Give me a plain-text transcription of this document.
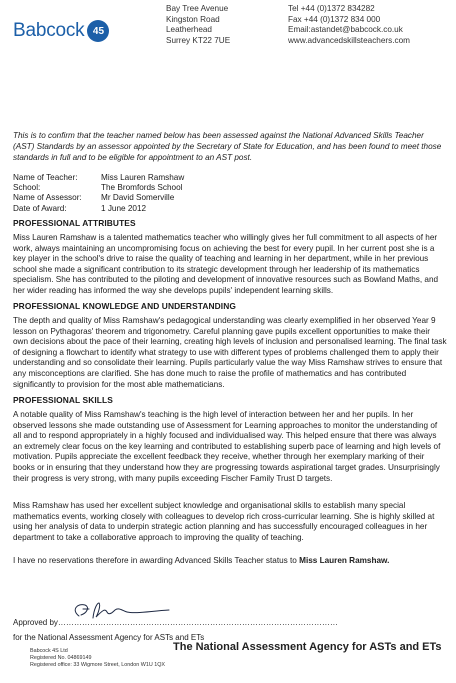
Babcock 45
Bay Tree Avenue
Kingston Road
Leatherhead
Surrey KT22 7UE
Tel +44 (0)1372 834282
Fax +44 (0)1372 834 000
Email:astandet@babcock.co.uk
www.advancedskillsteachers.com
This is to confirm that the teacher named below has been assessed against the National Advanced Skills Teacher (AST) Standards by an assessor appointed by the Secretary of State for Education, and has been found to meet those standards in full and to be eligible for appointment to an AST post.
Name of Teacher:	Miss Lauren Ramshaw
School:	The Bromfords School
Name of Assessor:	Mr David Somerville
Date of Award:	1 June 2012
PROFESSIONAL ATTRIBUTES
Miss Lauren Ramshaw is a talented mathematics teacher who willingly gives her full commitment to all aspects of her work, always maintaining an uncompromising focus on achieving the best for every pupil. In her current post she is a key player in the school's drive to raise the quality of teaching and learning in her department, while in her previous school she made a significant contribution to its strategic development through her leadership of its mathematics specialism. She has contributed to the piloting and development of innovative resources such as Bowland Maths, and her wider reading has informed the way she develops pupils' independent learning skills.
PROFESSIONAL KNOWLEDGE AND UNDERSTANDING
The depth and quality of Miss Ramshaw's pedagogical understanding was clearly exemplified in her observed Year 9 lesson on Pythagoras' theorem and trigonometry. Careful planning gave pupils excellent opportunities to make their own decisions about the pace of their learning, creating high levels of inclusion and personalised learning. The final task of designing a flowchart to identify what strategy to use with different types of problems challenged them to apply their understanding and so consolidate their learning. Pupils particularly value the way Miss Ramshaw strives to ensure that any misconceptions are clarified. She has done much to raise the profile of mathematics and has contributed significantly to provision for the most able mathematicians.
PROFESSIONAL SKILLS
A notable quality of Miss Ramshaw's teaching is the high level of interaction between her and her pupils. In her observed lessons she made outstanding use of Assessment for Learning approaches to monitor the understanding of all and to respond appropriately in a highly focused and individualised way. This helped ensure that there was always an extremely clear focus on the key learning and contributed to establishing superb pace of learning and high levels of motivation. Pupils appreciate the excellent feedback they receive, whether through her exemplary marking of their books or in ensuring that they understand how they are progressing towards aspirational target grades. Unsurprisingly their progress is very strong, with many pupils exceeding Fischer Family Trust D targets.
Miss Ramshaw has used her excellent subject knowledge and organisational skills to establish many special mathematics events, working closely with colleagues to develop rich cross-curricular learning. She is highly skilled at using her analysis of data to underpin strategic action planning and has successfully encouraged colleagues in her department to take a collaborative approach to improving the quality of teaching.
I have no reservations therefore in awarding Advanced Skills Teacher status to Miss Lauren Ramshaw.
Approved by……………………………………………………………………………………………
for the National Assessment Agency for ASTs and ETs
Babcock 4S Ltd
Registered No. 04869149
Registered office: 33 Wigmore Street, London W1U 1QX
The National Assessment Agency for ASTs and ETs
